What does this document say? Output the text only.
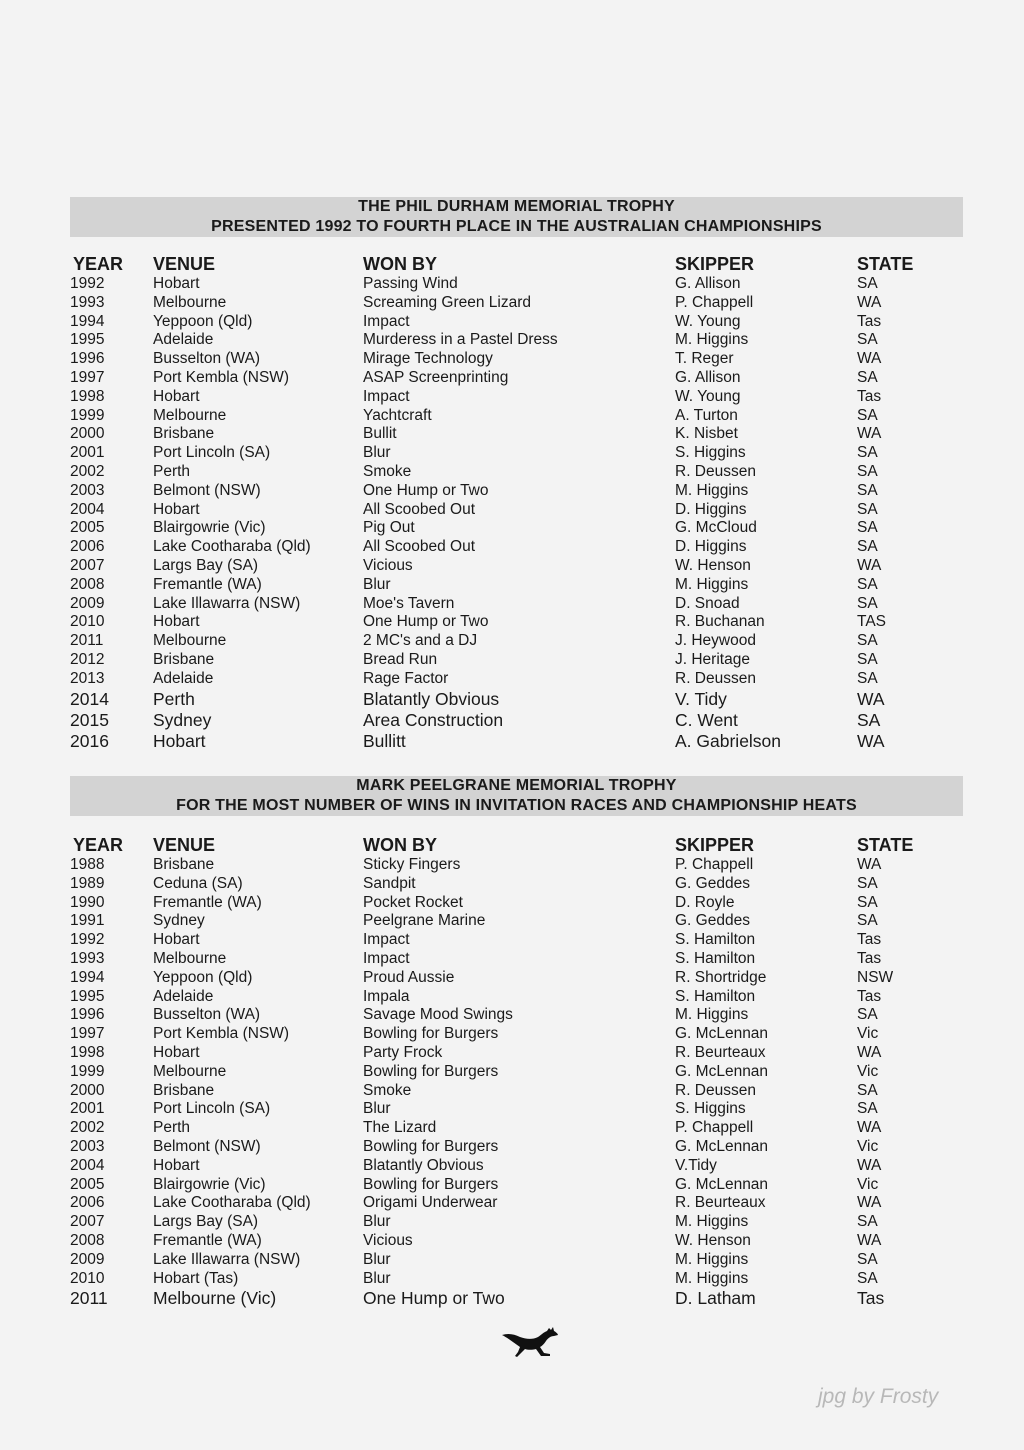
THE PHIL DURHAM MEMORIAL TROPHY
PRESENTED 1992 TO FOURTH PLACE IN THE AUSTRALIAN CHAMPIONSHIPS
YEAR	VENUE	WON BY	SKIPPER	STATE
1992	Hobart	Passing Wind	G. Allison	SA
1993	Melbourne	Screaming Green Lizard	P. Chappell	WA
1994	Yeppoon (Qld)	Impact	W. Young	Tas
1995	Adelaide	Murderess in a Pastel Dress	M. Higgins	SA
1996	Busselton (WA)	Mirage Technology	T. Reger	WA
1997	Port Kembla (NSW)	ASAP Screenprinting	G. Allison	SA
1998	Hobart	Impact	W. Young	Tas
1999	Melbourne	Yachtcraft	A. Turton	SA
2000	Brisbane	Bullit	K. Nisbet	WA
2001	Port Lincoln (SA)	Blur	S. Higgins	SA
2002	Perth	Smoke	R. Deussen	SA
2003	Belmont (NSW)	One Hump or Two	M. Higgins	SA
2004	Hobart	All Scoobed Out	D. Higgins	SA
2005	Blairgowrie (Vic)	Pig Out	G. McCloud	SA
2006	Lake Cootharaba (Qld)	All Scoobed Out	D. Higgins	SA
2007	Largs Bay (SA)	Vicious	W. Henson	WA
2008	Fremantle (WA)	Blur	M. Higgins	SA
2009	Lake Illawarra (NSW)	Moe's Tavern	D. Snoad	SA
2010	Hobart	One Hump or Two	R. Buchanan	TAS
2011	Melbourne	2 MC's and a DJ	J. Heywood	SA
2012	Brisbane	Bread Run	J. Heritage	SA
2013	Adelaide	Rage Factor	R. Deussen	SA
2014	Perth	Blatantly Obvious	V. Tidy	WA
2015	Sydney	Area Construction	C. Went	SA
2016	Hobart	Bullitt	A. Gabrielson	WA
MARK PEELGRANE MEMORIAL TROPHY
FOR THE MOST NUMBER OF WINS IN INVITATION RACES AND CHAMPIONSHIP HEATS
YEAR	VENUE	WON BY	SKIPPER	STATE
1988	Brisbane	Sticky Fingers	P. Chappell	WA
1989	Ceduna (SA)	Sandpit	G. Geddes	SA
1990	Fremantle (WA)	Pocket Rocket	D. Royle	SA
1991	Sydney	Peelgrane Marine	G. Geddes	SA
1992	Hobart	Impact	S. Hamilton	Tas
1993	Melbourne	Impact	S. Hamilton	Tas
1994	Yeppoon (Qld)	Proud Aussie	R. Shortridge	NSW
1995	Adelaide	Impala	S. Hamilton	Tas
1996	Busselton (WA)	Savage Mood Swings	M. Higgins	SA
1997	Port Kembla (NSW)	Bowling for Burgers	G. McLennan	Vic
1998	Hobart	Party Frock	R. Beurteaux	WA
1999	Melbourne	Bowling for Burgers	G. McLennan	Vic
2000	Brisbane	Smoke	R. Deussen	SA
2001	Port Lincoln (SA)	Blur	S. Higgins	SA
2002	Perth	The Lizard	P. Chappell	WA
2003	Belmont (NSW)	Bowling for Burgers	G. McLennan	Vic
2004	Hobart	Blatantly Obvious	V.Tidy	WA
2005	Blairgowrie (Vic)	Bowling for Burgers	G. McLennan	Vic
2006	Lake Cootharaba (Qld)	Origami Underwear	R. Beurteaux	WA
2007	Largs Bay (SA)	Blur	M. Higgins	SA
2008	Fremantle (WA)	Vicious	W. Henson	WA
2009	Lake Illawarra (NSW)	Blur	M. Higgins	SA
2010	Hobart (Tas)	Blur	M. Higgins	SA
2011	Melbourne (Vic)	One Hump or Two	D. Latham	Tas
jpg by Frosty
